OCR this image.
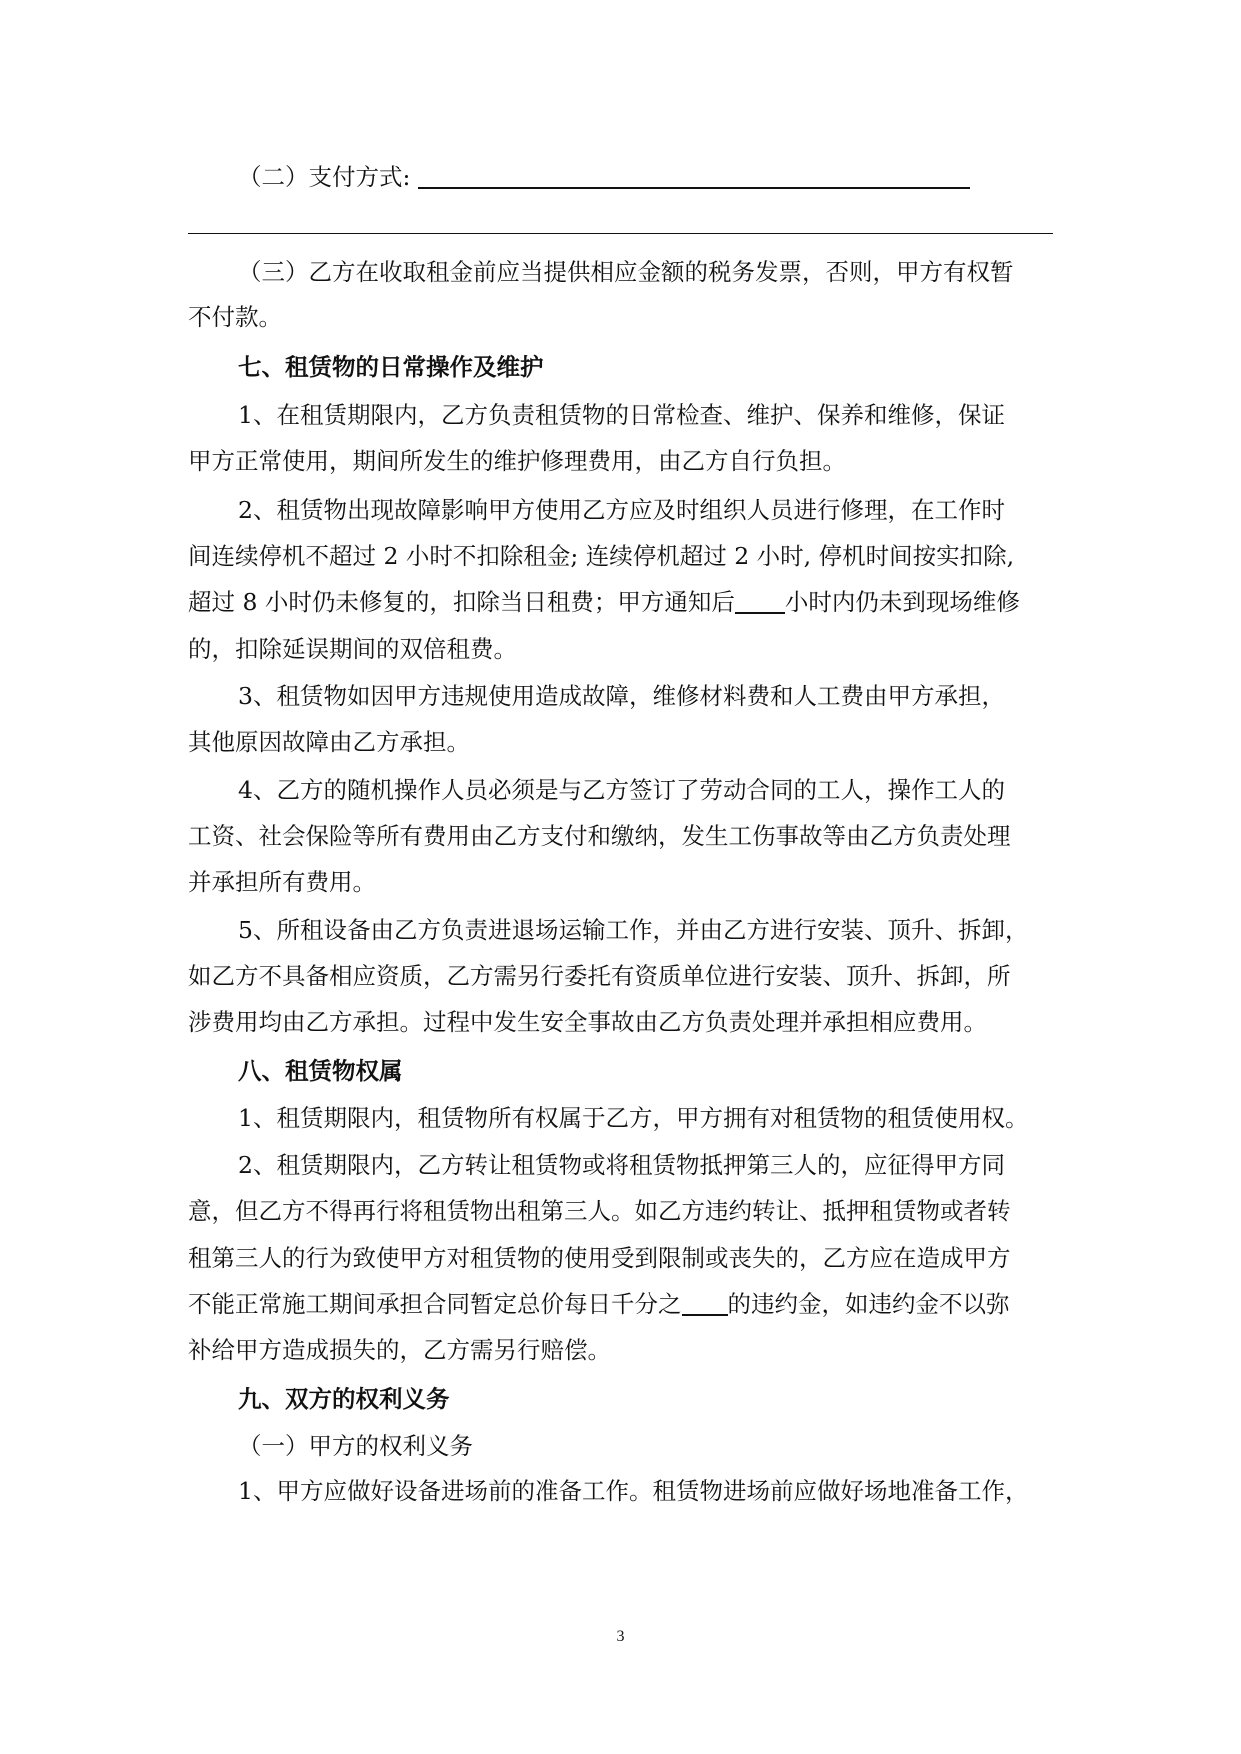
（二）支付方式:
（三）乙方在收取租金前应当提供相应金额的税务发票，否则，甲方有权暂
不付款。
七、租赁物的日常操作及维护
1、在租赁期限内，乙方负责租赁物的日常检查、维护、保养和维修，保证
甲方正常使用，期间所发生的维护修理费用，由乙方自行负担。
2、租赁物出现故障影响甲方使用乙方应及时组织人员进行修理，在工作时
间连续停机不超过 2 小时不扣除租金; 连续停机超过 2 小时, 停机时间按实扣除,
超过 8 小时仍未修复的，扣除当日租费；甲方通知后 小时内仍未到现场维修
的，扣除延误期间的双倍租费。
3、租赁物如因甲方违规使用造成故障，维修材料费和人工费由甲方承担，
其他原因故障由乙方承担。
4、乙方的随机操作人员必须是与乙方签订了劳动合同的工人，操作工人的
工资、社会保险等所有费用由乙方支付和缴纳，发生工伤事故等由乙方负责处理
并承担所有费用。
5、所租设备由乙方负责进退场运输工作，并由乙方进行安装、顶升、拆卸，
如乙方不具备相应资质，乙方需另行委托有资质单位进行安装、顶升、拆卸，所
涉费用均由乙方承担。过程中发生安全事故由乙方负责处理并承担相应费用。
八、租赁物权属
1、租赁期限内，租赁物所有权属于乙方，甲方拥有对租赁物的租赁使用权。
2、租赁期限内，乙方转让租赁物或将租赁物抵押第三人的，应征得甲方同
意，但乙方不得再行将租赁物出租第三人。如乙方违约转让、抵押租赁物或者转
租第三人的行为致使甲方对租赁物的使用受到限制或丧失的，乙方应在造成甲方
不能正常施工期间承担合同暂定总价每日千分之 的违约金，如违约金不以弥
补给甲方造成损失的，乙方需另行赔偿。
九、双方的权利义务
（一）甲方的权利义务
1、甲方应做好设备进场前的准备工作。租赁物进场前应做好场地准备工作，
3
